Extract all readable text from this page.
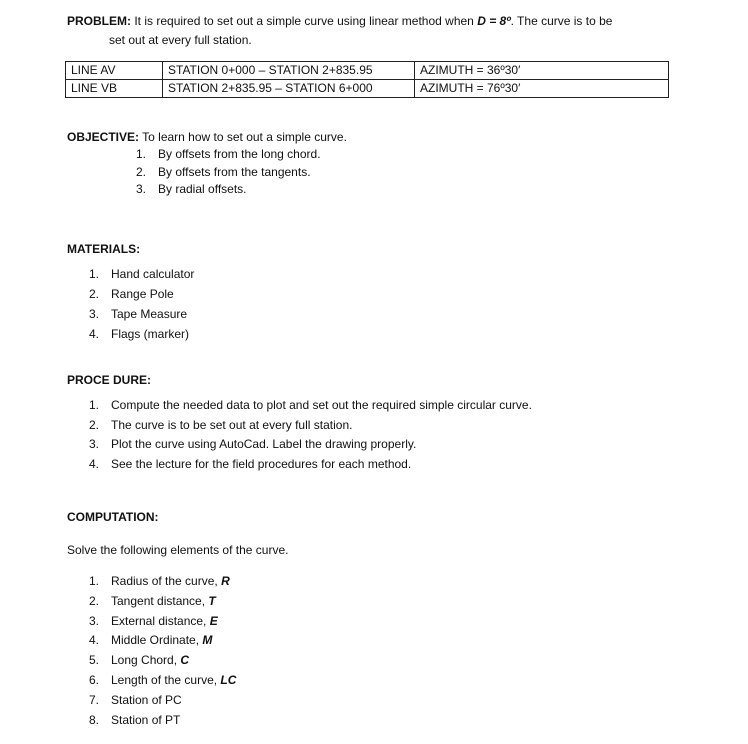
PROBLEM: It is required to set out a simple curve using linear method when D = 8º. The curve is to be
set out at every full station.
LINE AV	STATION 0+000 – STATION 2+835.95	AZIMUTH = 36º30′
LINE VB	STATION 2+835.95 – STATION 6+000	AZIMUTH = 76º30′
OBJECTIVE: To learn how to set out a simple curve.
1. By offsets from the long chord.
2. By offsets from the tangents.
3. By radial offsets.
MATERIALS:
1. Hand calculator
2. Range Pole
3. Tape Measure
4. Flags (marker)
PROCE DURE:
1. Compute the needed data to plot and set out the required simple circular curve.
2. The curve is to be set out at every full station.
3. Plot the curve using AutoCad. Label the drawing properly.
4. See the lecture for the field procedures for each method.
COMPUTATION:
Solve the following elements of the curve.
1. Radius of the curve,
R
2. Tangent distance,
T
3. External distance,
E
4. Middle Ordinate,
M
5. Long Chord,
C
6. Length of the curve,
LC
7. Station of PC
8. Station of PT
